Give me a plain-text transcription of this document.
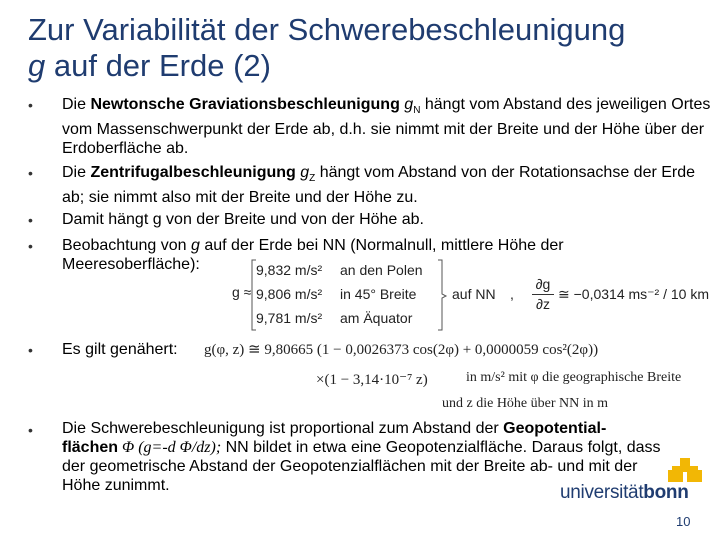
Zur Variabilität der Schwerebeschleunigung
g auf der Erde (2)
• Die Newtonsche Graviationsbeschleunigung $g_N$ hängt vom Abstand des jeweiligen Ortes vom Massenschwerpunkt der Erde ab, d.h. sie nimmt mit der Breite und der Höhe über der Erdoberfläche ab.
• Die Zentrifugalbeschleunigung $g_Z$ hängt vom Abstand von der Rotationsachse der Erde ab; sie nimmt also mit der Breite und der Höhe zu.
• Damit hängt g von der Breite und von der Höhe ab.
• Beobachtung von g auf der Erde bei NN (Normalnull, mittlere Höhe der Meeresoberfläche):
g ≈
9,832 m/s² an den Polen
9,806 m/s² in 45° Breite
9,781 m/s² am Äquator
auf NN ,
∂g
∂z
≅ −0,0314 ms⁻² / 10 km
• Es gilt genähert:	g(φ, z) ≅ 9,80665 (1 − 0,0026373 cos(2φ) + 0,0000059 cos²(2φ))
×(1 − 3,14·10⁻⁷ z)	in m/s² mit φ die geographische Breite
und z die Höhe über NN in m
• Die Schwerebeschleunigung ist proportional zum Abstand der Geopotential-flächen Φ (g=-d Φ/dz); NN bildet in etwa eine Geopotenzialfläche. Daraus folgt, dass der geometrische Abstand der Geopotenzialflächen mit der Breite ab- und mit der Höhe zunimmt.	universitätbonn
10
